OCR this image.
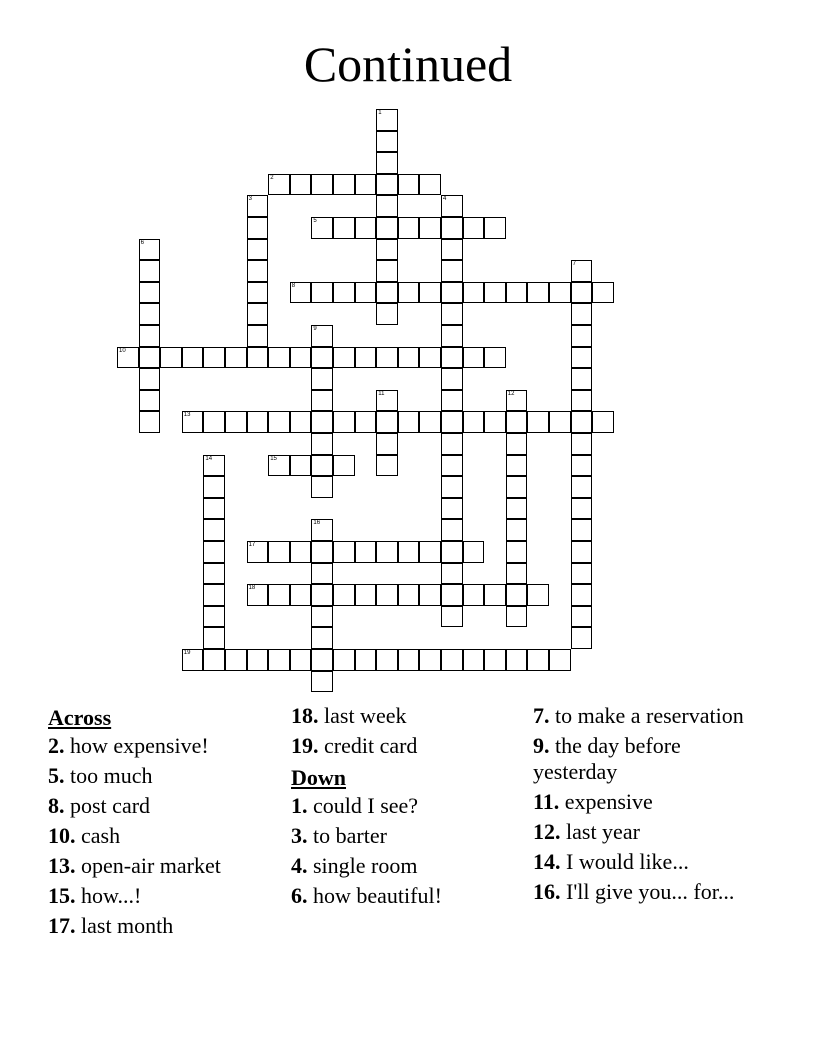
Continued
1
2
3	4
5
6
7
8
9
10
11	12
13
14	15
16
17
18
19
Across
2. how expensive!
5. too much
8. post card
10. cash
13. open-air market
15. how...!
17. last month
18. last week
19. credit card
Down
1. could I see?
3. to barter
4. single room
6. how beautiful!
7. to make a reservation
9. the day before yesterday
11. expensive
12. last year
14. I would like...
16. I'll give you... for...
